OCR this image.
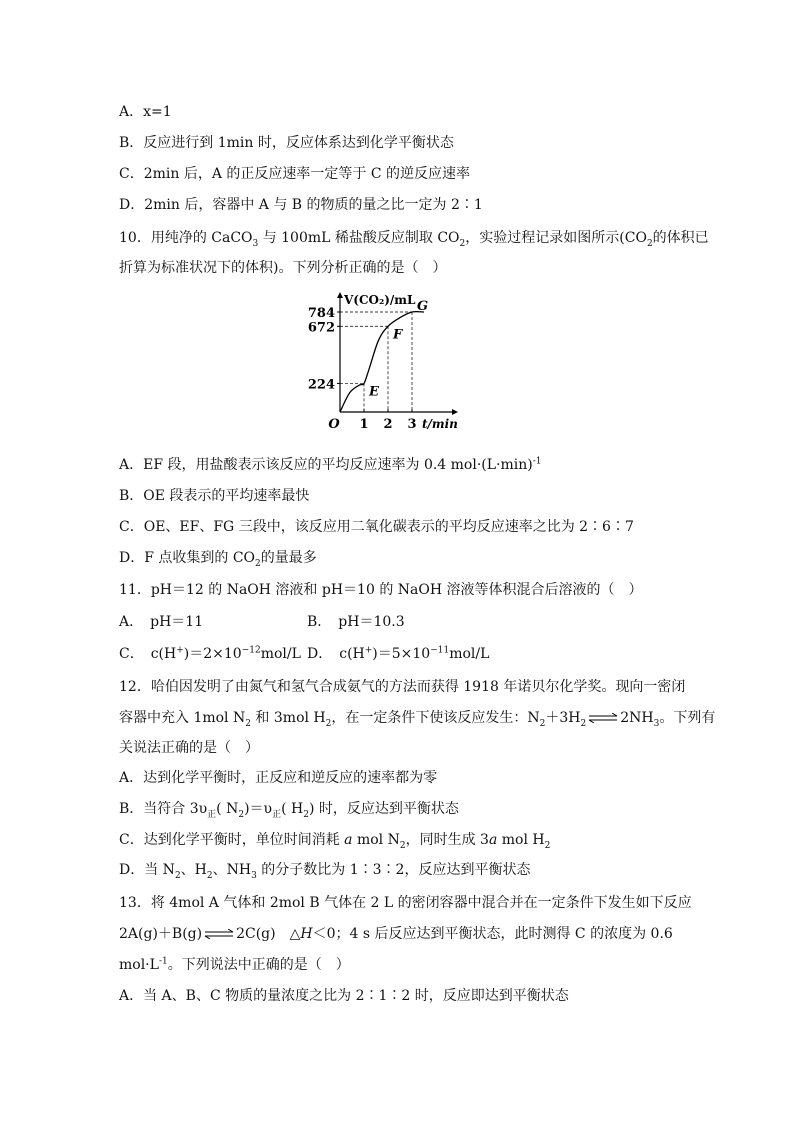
A．x=1
B．反应进行到 1min 时，反应体系达到化学平衡状态
C．2min 后，A 的正反应速率一定等于 C 的逆反应速率
D．2min 后，容器中 A 与 B 的物质的量之比一定为 2∶1
10．用纯净的 CaCO$_3$ 与 100mL 稀盐酸反应制取 $CO_2$，实验过程记录如图所示($CO_2$的体积已
折算为标准状况下的体积)。下列分析正确的是（　）
E
F
G
224
672
784
1 2 3
O
V(CO₂)/mL
t/min
A．EF 段，用盐酸表示该反应的平均反应速率为 0.4 $mol\cdot(L\cdot\min)^{-1}$
B．OE 段表示的平均速率最快
C．OE、EF、FG 三段中，该反应用二氧化碳表示的平均反应速率之比为 2∶6∶7
D．F 点收集到的 $CO_2$的量最多
11．pH＝12 的 NaOH 溶液和 pH＝10 的 NaOH 溶液等体积混合后溶液的（　）
A．　pH＝11	B．　pH＝10.3
C．　$c(H^+)=2\times 10^{-12}mol/L$ D．　$c(H^+)=5\times 10^{-11}mol/L$
12．哈伯因发明了由氮气和氢气合成氨气的方法而获得 1918 年诺贝尔化学奖。现向一密闭
容器中充入 1mol $N_2$ 和 3mol $H_2$，在一定条件下使该反应发生：$N_2+3H_2$ ⇌ $2NH_3$。下列有
关说法正确的是（　）
A．达到化学平衡时，正反应和逆反应的速率都为零
B．当符合 $3\upsilon_正$( $N_2)=\upsilon_正$( $H_2$) 时，反应达到平衡状态
C．达到化学平衡时，单位时间消耗 a mol $N_2$，同时生成 3a mol $H_2$
D．当 $N_2$、$H_2$、$NH_3$ 的分子数比为 1∶3∶2，反应达到平衡状态
13．将 4mol A 气体和 2mol B 气体在 2 L 的密闭容器中混合并在一定条件下发生如下反应
2A(g)＋B(g) ⇌ 2C(g)　△H＜0；4 s 后反应达到平衡状态，此时测得 C 的浓度为 0.6
$mol\cdot L^{-1}$。下列说法中正确的是（　）
A．当 A、B、C 物质的量浓度之比为 2∶1∶2 时，反应即达到平衡状态
